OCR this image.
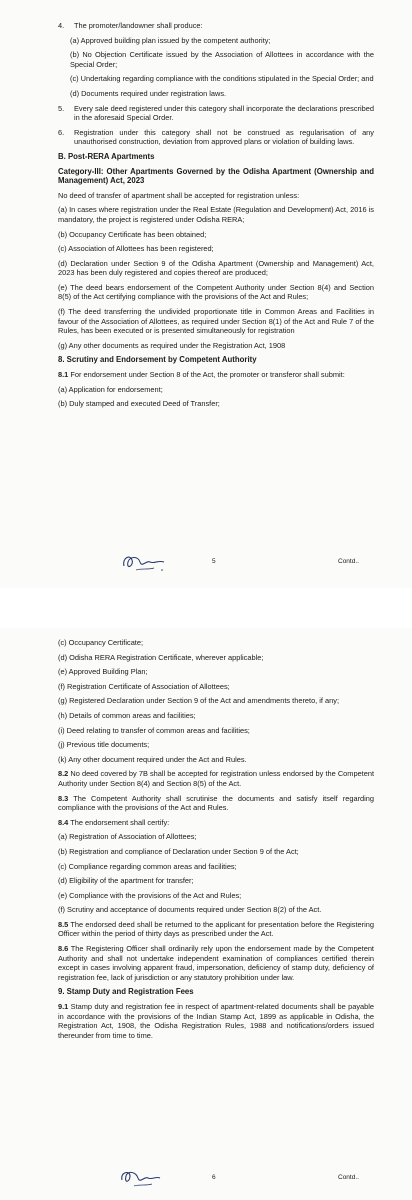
4.	The promoter/landowner shall produce:

(a) Approved building plan issued by the competent authority;

(b) No Objection Certificate issued by the Association of Allottees in accordance with the Special Order;

(c) Undertaking regarding compliance with the conditions stipulated in the Special Order; and

(d) Documents required under registration laws.

5.	Every sale deed registered under this category shall incorporate the declarations prescribed in the aforesaid Special Order.
6.	Registration under this category shall not be construed as regularisation of any unauthorised construction, deviation from approved plans or violation of building laws.

B. Post-RERA Apartments

Category-III: Other Apartments Governed by the Odisha Apartment (Ownership and Management) Act, 2023

No deed of transfer of apartment shall be accepted for registration unless:

(a) In cases where registration under the Real Estate (Regulation and Development) Act, 2016 is mandatory, the project is registered under Odisha RERA;

(b) Occupancy Certificate has been obtained;

(c) Association of Allottees has been registered;

(d) Declaration under Section 9 of the Odisha Apartment (Ownership and Management) Act, 2023 has been duly registered and copies thereof are produced;

(e) The deed bears endorsement of the Competent Authority under Section 8(4) and Section 8(5) of the Act certifying compliance with the provisions of the Act and Rules;

(f) The deed transferring the undivided proportionate title in Common Areas and Facilities in favour of the Association of Allottees, as required under Section 8(1) of the Act and Rule 7 of the Rules, has been executed or is presented simultaneously for registration

(g) Any other documents as required under the Registration Act, 1908

8. Scrutiny and Endorsement by Competent Authority

8.1 For endorsement under Section 8 of the Act, the promoter or transferor shall submit:

(a) Application for endorsement;

(b) Duly stamped and executed Deed of Transfer;

5	Contd..

(c) Occupancy Certificate;

(d) Odisha RERA Registration Certificate, wherever applicable;

(e) Approved Building Plan;

(f) Registration Certificate of Association of Allottees;

(g) Registered Declaration under Section 9 of the Act and amendments thereto, if any;

(h) Details of common areas and facilities;

(i) Deed relating to transfer of common areas and facilities;

(j) Previous title documents;

(k) Any other document required under the Act and Rules.

8.2 No deed covered by 7B shall be accepted for registration unless endorsed by the Competent Authority under Section 8(4) and Section 8(5) of the Act.

8.3 The Competent Authority shall scrutinise the documents and satisfy itself regarding compliance with the provisions of the Act and Rules.

8.4 The endorsement shall certify:

(a) Registration of Association of Allottees;

(b) Registration and compliance of Declaration under Section 9 of the Act;

(c) Compliance regarding common areas and facilities;

(d) Eligibility of the apartment for transfer;

(e) Compliance with the provisions of the Act and Rules;

(f) Scrutiny and acceptance of documents required under Section 8(2) of the Act.

8.5 The endorsed deed shall be returned to the applicant for presentation before the Registering Officer within the period of thirty days as prescribed under the Act.

8.6 The Registering Officer shall ordinarily rely upon the endorsement made by the Competent Authority and shall not undertake independent examination of compliances certified therein except in cases involving apparent fraud, impersonation, deficiency of stamp duty, deficiency of registration fee, lack of jurisdiction or any statutory prohibition under law.

9. Stamp Duty and Registration Fees

9.1 Stamp duty and registration fee in respect of apartment-related documents shall be payable in accordance with the provisions of the Indian Stamp Act, 1899 as applicable in Odisha, the Registration Act, 1908, the Odisha Registration Rules, 1988 and notifications/orders issued thereunder from time to time.

6	Contd..
